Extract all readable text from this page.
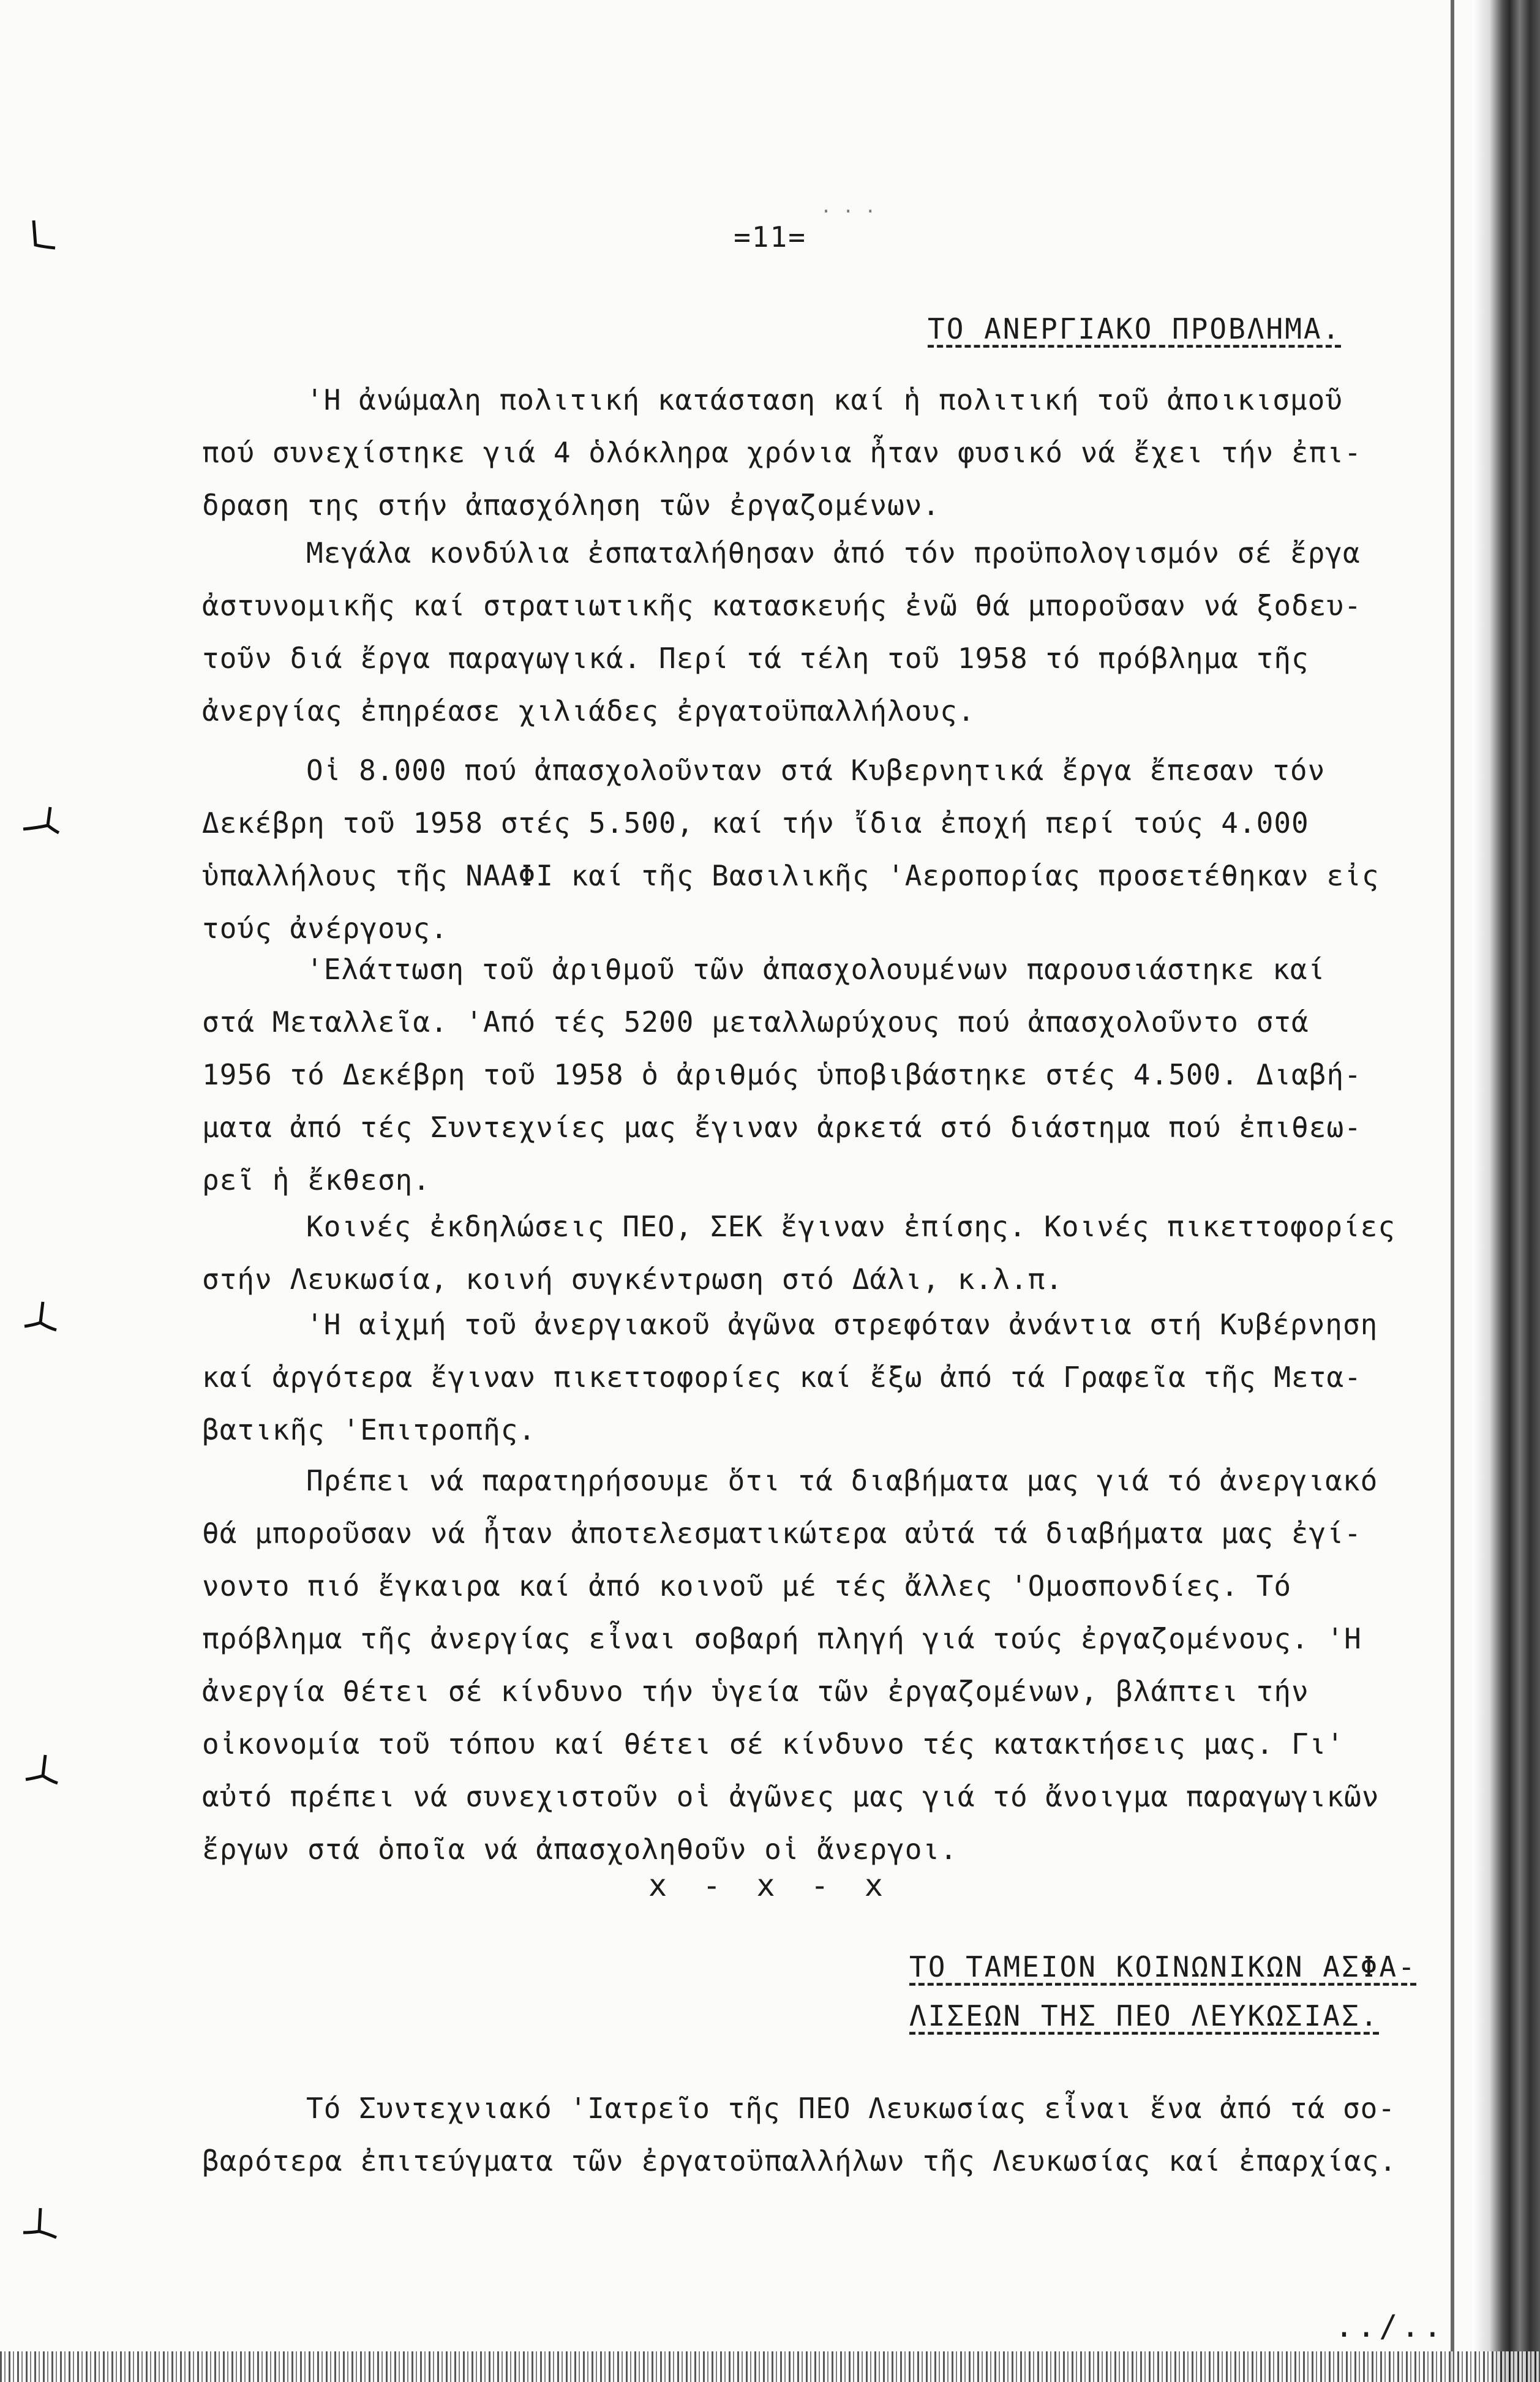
. . .
=11=
ΤΟ ΑΝΕΡΓΙΑΚΟ ΠΡΟΒΛΗΜΑ.
'Η ἀνώμαλη πολιτική κατάσταση καί ἡ πολιτική τοῦ ἀποικισμοῦ
πού συνεχίστηκε γιά 4 ὁλόκληρα χρόνια ἦταν φυσικό νά ἔχει τήν ἐπι-
δραση της στήν ἀπασχόληση τῶν ἐργαζομένων.
Μεγάλα κονδύλια ἐσπαταλήθησαν ἀπό τόν προϋπολογισμόν σέ ἔργα
ἀστυνομικῆς καί στρατιωτικῆς κατασκευής ἐνῶ θά μποροῦσαν νά ξοδευ-
τοῦν διά ἔργα παραγωγικά. Περί τά τέλη τοῦ 1958 τό πρόβλημα τῆς
ἀνεργίας ἐπηρέασε χιλιάδες ἐργατοϋπαλλήλους.
Οἱ 8.000 πού ἀπασχολοῦνταν στά Κυβερνητικά ἔργα ἔπεσαν τόν
Δεκέβρη τοῦ 1958 στές 5.500, καί τήν ἴδια ἐποχή περί τούς 4.000
ὑπαλλήλους τῆς ΝΑΑΦΙ καί τῆς Βασιλικῆς 'Αεροπορίας προσετέθηκαν εἰς
τούς ἀνέργους.
'Ελάττωση τοῦ ἀριθμοῦ τῶν ἀπασχολουμένων παρουσιάστηκε καί
στά Μεταλλεῖα. 'Από τές 5200 μεταλλωρύχους πού ἀπασχολοῦντο στά
1956 τό Δεκέβρη τοῦ 1958 ὁ ἀριθμός ὑποβιβάστηκε στές 4.500. Διαβή-
ματα ἀπό τές Συντεχνίες μας ἔγιναν ἀρκετά στό διάστημα πού ἐπιθεω-
ρεῖ ἡ ἔκθεση.
Κοινές ἐκδηλώσεις ΠΕΟ, ΣΕΚ ἔγιναν ἐπίσης. Κοινές πικεττοφορίες
στήν Λευκωσία, κοινή συγκέντρωση στό Δάλι, κ.λ.π.
'Η αἰχμή τοῦ ἀνεργιακοῦ ἀγῶνα στρεφόταν ἀνάντια στή Κυβέρνηση
καί ἀργότερα ἔγιναν πικεττοφορίες καί ἔξω ἀπό τά Γραφεῖα τῆς Μετα-
βατικῆς 'Επιτροπῆς.
Πρέπει νά παρατηρήσουμε ὅτι τά διαβήματα μας γιά τό ἀνεργιακό
θά μποροῦσαν νά ἦταν ἀποτελεσματικώτερα αὐτά τά διαβήματα μας ἐγί-
νοντο πιό ἔγκαιρα καί ἀπό κοινοῦ μέ τές ἄλλες 'Ομοσπονδίες. Τό
πρόβλημα τῆς ἀνεργίας εἶναι σοβαρή πληγή γιά τούς ἐργαζομένους. 'Η
ἀνεργία θέτει σέ κίνδυνο τήν ὑγεία τῶν ἐργαζομένων, βλάπτει τήν
οἰκονομία τοῦ τόπου καί θέτει σέ κίνδυνο τές κατακτήσεις μας. Γι'
αὐτό πρέπει νά συνεχιστοῦν οἱ ἀγῶνες μας γιά τό ἄνοιγμα παραγωγικῶν
ἔργων στά ὁποῖα νά ἀπασχοληθοῦν οἱ ἄνεργοι.
x - x - x
ΤΟ ΤΑΜΕΙΟΝ ΚΟΙΝΩΝΙΚΩΝ ΑΣΦΑ-
ΛΙΣΕΩΝ ΤΗΣ ΠΕΟ ΛΕΥΚΩΣΙΑΣ.
Τό Συντεχνιακό 'Ιατρεῖο τῆς ΠΕΟ Λευκωσίας εἶναι ἕνα ἀπό τά σο-
βαρότερα ἐπιτεύγματα τῶν ἐργατοϋπαλλήλων τῆς Λευκωσίας καί ἐπαρχίας.
../..
